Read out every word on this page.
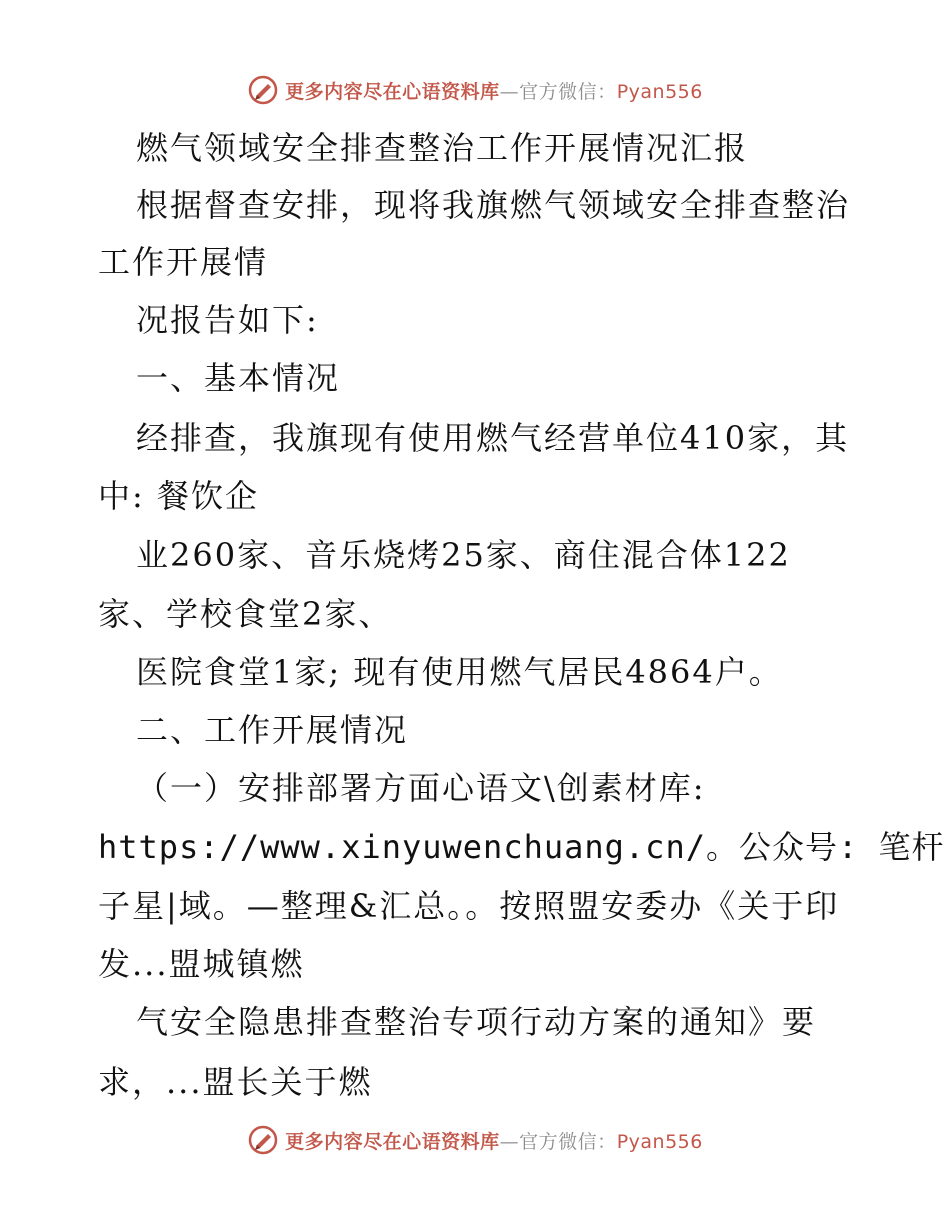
更多内容尽在心语资料库—官方微信：Pyan556

燃气领域安全排查整治工作开展情况汇报

根据督查安排，现将我旗燃气领域安全排查整治

工作开展情

况报告如下:

一、基本情况

经排查，我旗现有使用燃气经营单位410家，其

中: 餐饮企

业260家、音乐烧烤25家、商住混合体122

家、学校食堂2家、

医院食堂1家; 现有使用燃气居民4864户。

二、工作开展情况

（一）安排部署方面心语文\创素材库:

https://www.xinyuwenchuang.cn/。公众号: 笔杆

子星|域。—整理&汇总。。按照盟安委办《关于印

发...盟城镇燃

气安全隐患排查整治专项行动方案的通知》要

求，...盟长关于燃

更多内容尽在心语资料库—官方微信：Pyan556
